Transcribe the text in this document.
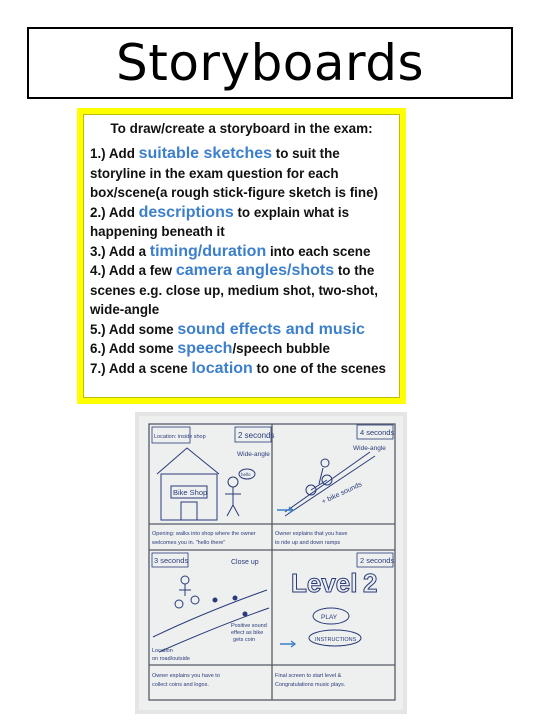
Storyboards

To draw/create a storyboard in the exam:

1.) Add suitable sketches to suit the storyline in the exam question for each box/scene(a rough stick-figure sketch is fine)

2.) Add descriptions to explain what is happening beneath it

3.) Add a timing/duration into each scene

4.) Add a few camera angles/shots to the scenes e.g. close up, medium shot, two-shot, wide-angle

5.) Add some sound effects and music

6.) Add some speech/speech bubble

7.) Add a scene location to one of the scenes

Location: inside shop	2 seconds
Wide-angle
Bike Shop
hello
Opening: walks into shop where the owner
welcomes you in. "hello there"
4 seconds
Wide-angle
+ bike sounds
Owner explains that you have
to ride up and down ramps
3 seconds	Close up
Positive sound
effect as bike
gets coin
Location
on road/outside
Owner explains you have to
collect coins and logos.
2 seconds
Level 2
PLAY
INSTRUCTIONS
Final screen to start level &
Congratulations music plays.
